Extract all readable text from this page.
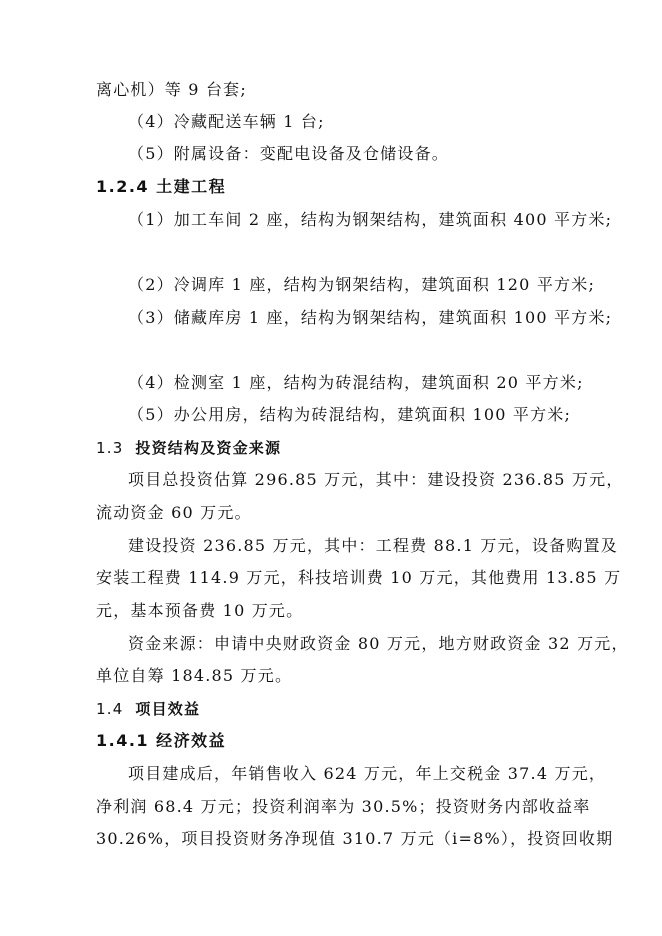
离心机）等 9 台套;
（4）冷藏配送车辆 1 台;
（5）附属设备：变配电设备及仓储设备。
1.2.4 土建工程
（1）加工车间 2 座，结构为钢架结构，建筑面积 400 平方米;
（2）冷调库 1 座，结构为钢架结构，建筑面积 120 平方米;
（3）储藏库房 1 座，结构为钢架结构，建筑面积 100 平方米;
（4）检测室 1 座，结构为砖混结构，建筑面积 20 平方米;
（5）办公用房，结构为砖混结构，建筑面积 100 平方米;
1.3 投资结构及资金来源
项目总投资估算 296.85 万元，其中：建设投资 236.85 万元，
流动资金 60 万元。
建设投资 236.85 万元，其中：工程费 88.1 万元，设备购置及
安装工程费 114.9 万元，科技培训费 10 万元，其他费用 13.85 万
元，基本预备费 10 万元。
资金来源：申请中央财政资金 80 万元，地方财政资金 32 万元，
单位自筹 184.85 万元。
1.4 项目效益
1.4.1 经济效益
项目建成后，年销售收入 624 万元，年上交税金 37.4 万元，
净利润 68.4 万元；投资利润率为 30.5%；投资财务内部收益率
30.26%，项目投资财务净现值 310.7 万元（i=8%），投资回收期
